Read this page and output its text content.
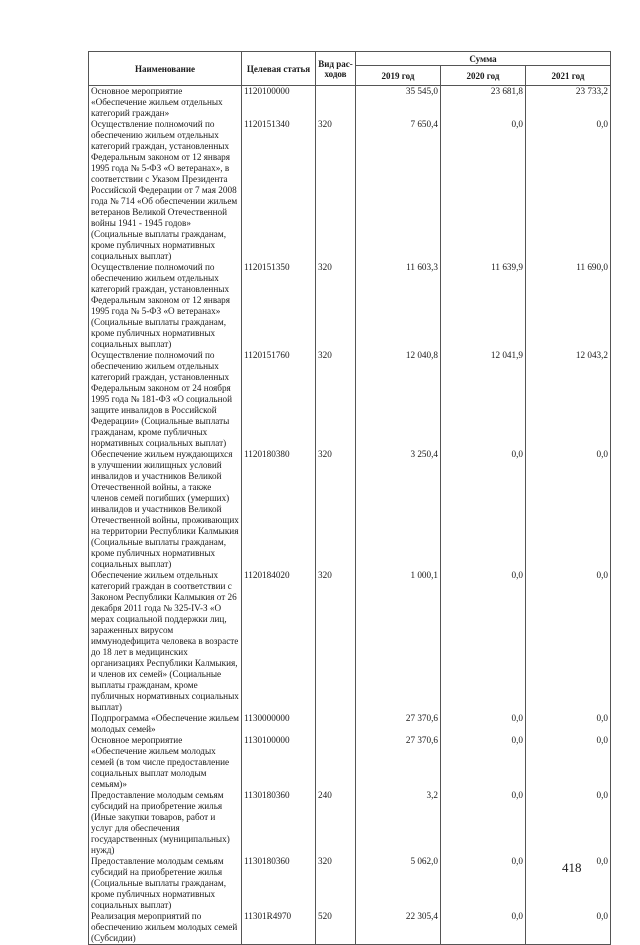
Наименование	Целевая статья	Вид рас-ходов	Сумма		
			2019 год	2020 год	2021 год
Основное мероприятие «Обеспечение жильем отдельных категорий граждан»	1120100000		35 545,0	23 681,8	23 733,2
Осуществление полномочий по обеспечению жильем отдельных категорий граждан, установленных Федеральным законом от 12 января 1995 года № 5-ФЗ «О ветеранах», в соответствии с Указом Президента Российской Федерации от 7 мая 2008 года № 714 «Об обеспечении жильем ветеранов Великой Отечественной войны 1941 - 1945 годов» (Социальные выплаты гражданам, кроме публичных нормативных социальных выплат)	1120151340	320	7 650,4	0,0	0,0
Осуществление полномочий по обеспечению жильем отдельных категорий граждан, установленных Федеральным законом от 12 января 1995 года № 5-ФЗ «О ветеранах» (Социальные выплаты гражданам, кроме публичных нормативных социальных выплат)	1120151350	320	11 603,3	11 639,9	11 690,0
Осуществление полномочий по обеспечению жильем отдельных категорий граждан, установленных Федеральным законом от 24 ноября 1995 года № 181-ФЗ «О социальной защите инвалидов в Российской Федерации» (Социальные выплаты гражданам, кроме публичных нормативных социальных выплат)	1120151760	320	12 040,8	12 041,9	12 043,2
Обеспечение жильем нуждающихся в улучшении жилищных условий инвалидов и участников Великой Отечественной войны, а также членов семей погибших (умерших) инвалидов и участников Великой Отечественной войны, проживающих на территории Республики Калмыкия (Социальные выплаты гражданам, кроме публичных нормативных социальных выплат)	1120180380	320	3 250,4	0,0	0,0
Обеспечение жильем отдельных категорий граждан в соответствии с Законом Республики Калмыкия от 26 декабря 2011 года № 325-IV-З «О мерах социальной поддержки лиц, зараженных вирусом иммунодефицита человека в возрасте до 18 лет в медицинских организациях Республики Калмыкия, и членов их семей» (Социальные выплаты гражданам, кроме публичных нормативных социальных выплат)	1120184020	320	1 000,1	0,0	0,0
Подпрограмма «Обеспечение жильем молодых семей»	1130000000		27 370,6	0,0	0,0
Основное мероприятие «Обеспечение жильем молодых семей (в том числе предоставление социальных выплат молодым семьям)»	1130100000		27 370,6	0,0	0,0
Предоставление молодым семьям субсидий на приобретение жилья (Иные закупки товаров, работ и услуг для обеспечения государственных (муниципальных) нужд)	1130180360	240	3,2	0,0	0,0
Предоставление молодым семьям субсидий на приобретение жилья (Социальные выплаты гражданам, кроме публичных нормативных социальных выплат)	1130180360	320	5 062,0	0,0	0,0
Реализация мероприятий по обеспечению жильем молодых семей (Субсидии)	11301R4970	520	22 305,4	0,0	0,0
418
